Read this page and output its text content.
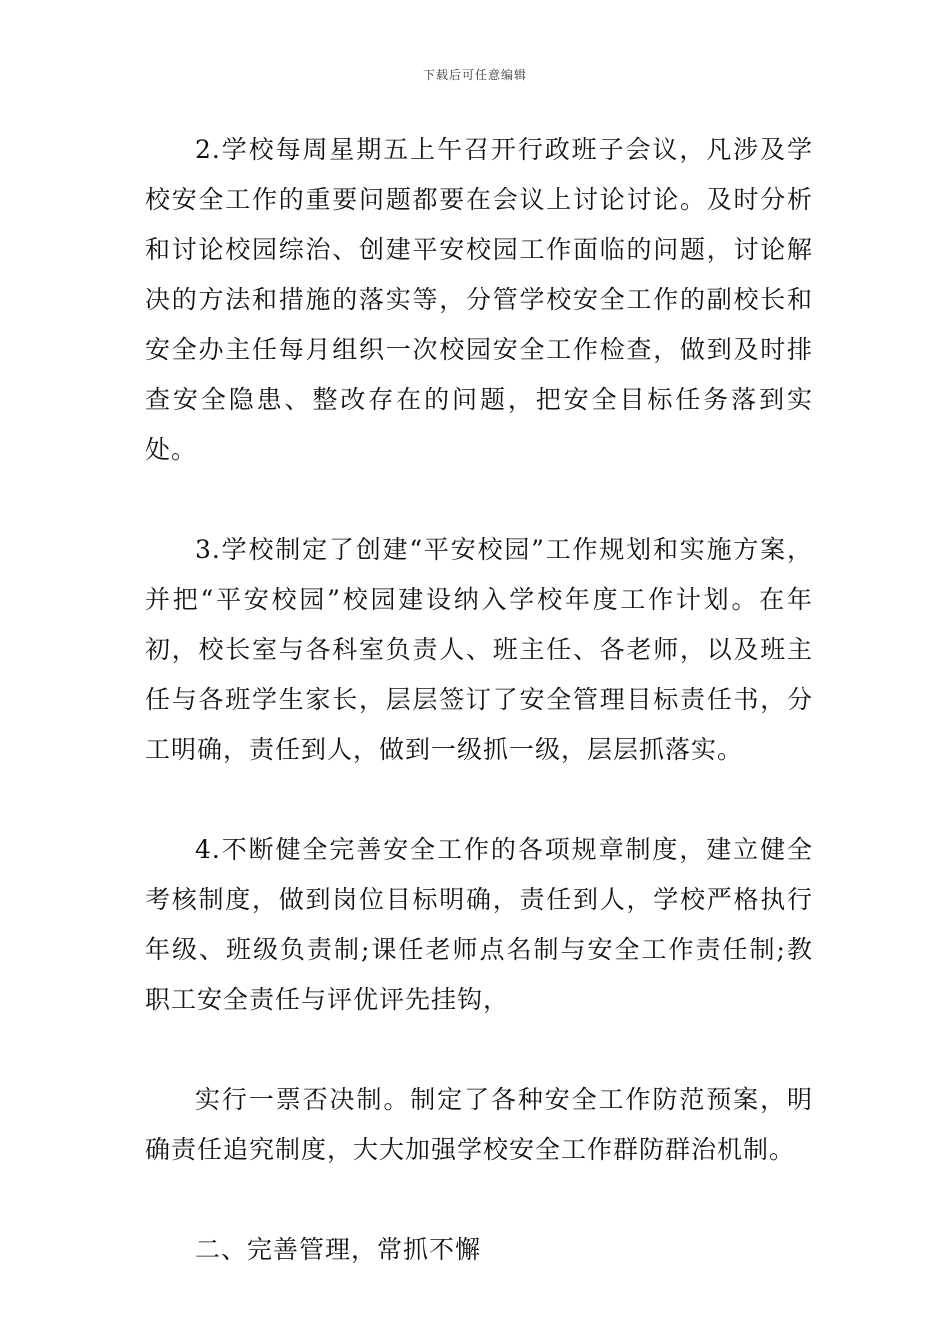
下载后可任意编辑

2.学校每周星期五上午召开行政班子会议，凡涉及学校安全工作的重要问题都要在会议上讨论讨论。及时分析和讨论校园综治、创建平安校园工作面临的问题，讨论解决的方法和措施的落实等，分管学校安全工作的副校长和安全办主任每月组织一次校园安全工作检查，做到及时排查安全隐患、整改存在的问题，把安全目标任务落到实处。

3.学校制定了创建“平安校园”工作规划和实施方案，并把“平安校园”校园建设纳入学校年度工作计划。在年初，校长室与各科室负责人、班主任、各老师，以及班主任与各班学生家长，层层签订了安全管理目标责任书，分工明确，责任到人，做到一级抓一级，层层抓落实。

4.不断健全完善安全工作的各项规章制度，建立健全考核制度，做到岗位目标明确，责任到人，学校严格执行年级、班级负责制;课任老师点名制与安全工作责任制;教职工安全责任与评优评先挂钩，

实行一票否决制。制定了各种安全工作防范预案，明确责任追究制度，大大加强学校安全工作群防群治机制。

二、完善管理，常抓不懈
